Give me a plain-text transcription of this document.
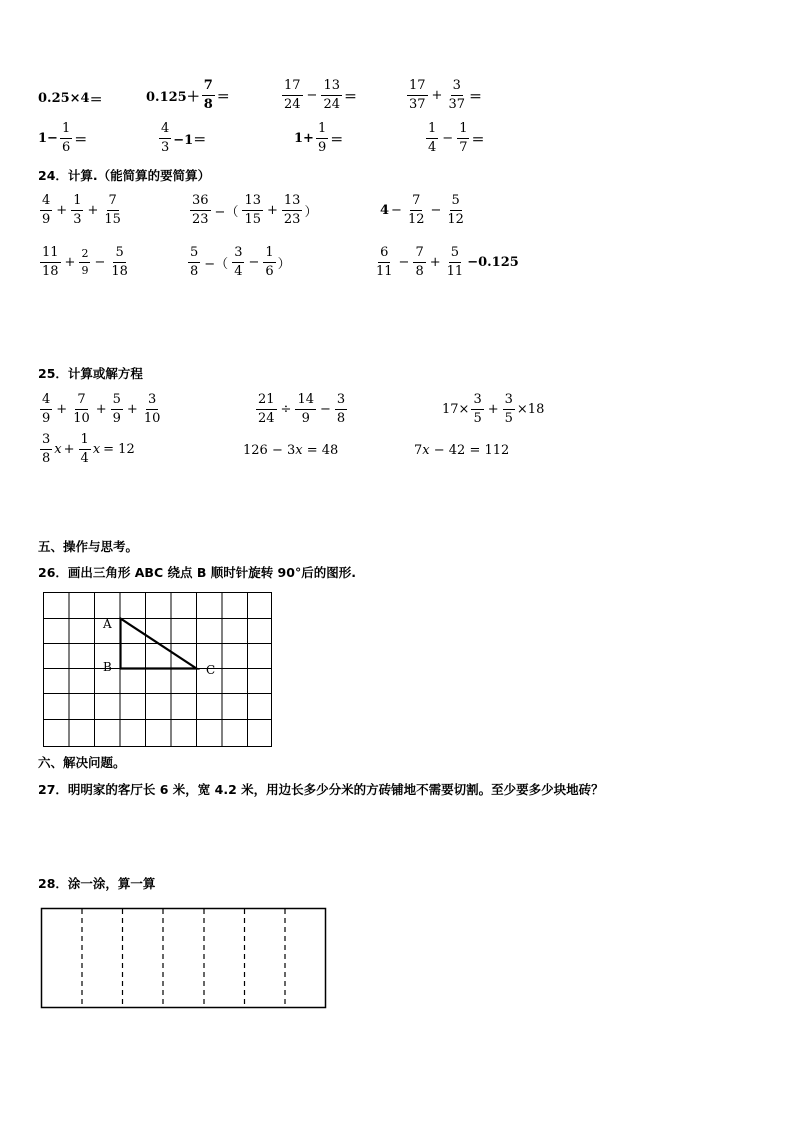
0.25×4 ＝	$0.125+ \frac{7}{8}$ ＝	$\frac{17}{24} - \frac{13}{24}$ ＝	$\frac{17}{37} + \frac{3}{37}$ ＝
$1- \frac{1}{6}$ ＝	$\frac{4}{3} -1=$	$1+ \frac{1}{9}$ ＝	$\frac{1}{4} - \frac{1}{7}$ ＝
24．计算.（能简算的要简算）
$\frac{4}{9} + \frac{1}{3} + \frac{7}{15}$	$\frac{36}{23}$ −（ $\frac{13}{15} + \frac{13}{23}$ ）	$4 - \frac{7}{12} - \frac{5}{12}$
$\frac{11}{18} + \frac{2}{9} - \frac{5}{18}$	$\frac{5}{8}$ −（ $\frac{3}{4} - \frac{1}{6}$ ）	$\frac{6}{11} - \frac{7}{8} + \frac{5}{11} -0.125$
25．计算或解方程
$\frac{4}{9} + \frac{7}{10} + \frac{5}{9} + \frac{3}{10}$	$\frac{21}{24} \div \frac{14}{9} - \frac{3}{8}$	$17\times \frac{3}{5} + \frac{3}{5} \times 18$
$\frac{3}{8}$ $x + \frac{1}{4}$ x = 12	126 − 3 x = 48	7 x − 42 = 112
五、操作与思考。
26．画出三角形 ABC 绕点 B 顺时针旋转 90°后的图形.
A
B	C
六、解决问题。
27．明明家的客厅长 6 米，宽 4.2 米，用边长多少分米的方砖铺地不需要切割。至少要多少块地砖？
28．涂一涂，算一算
